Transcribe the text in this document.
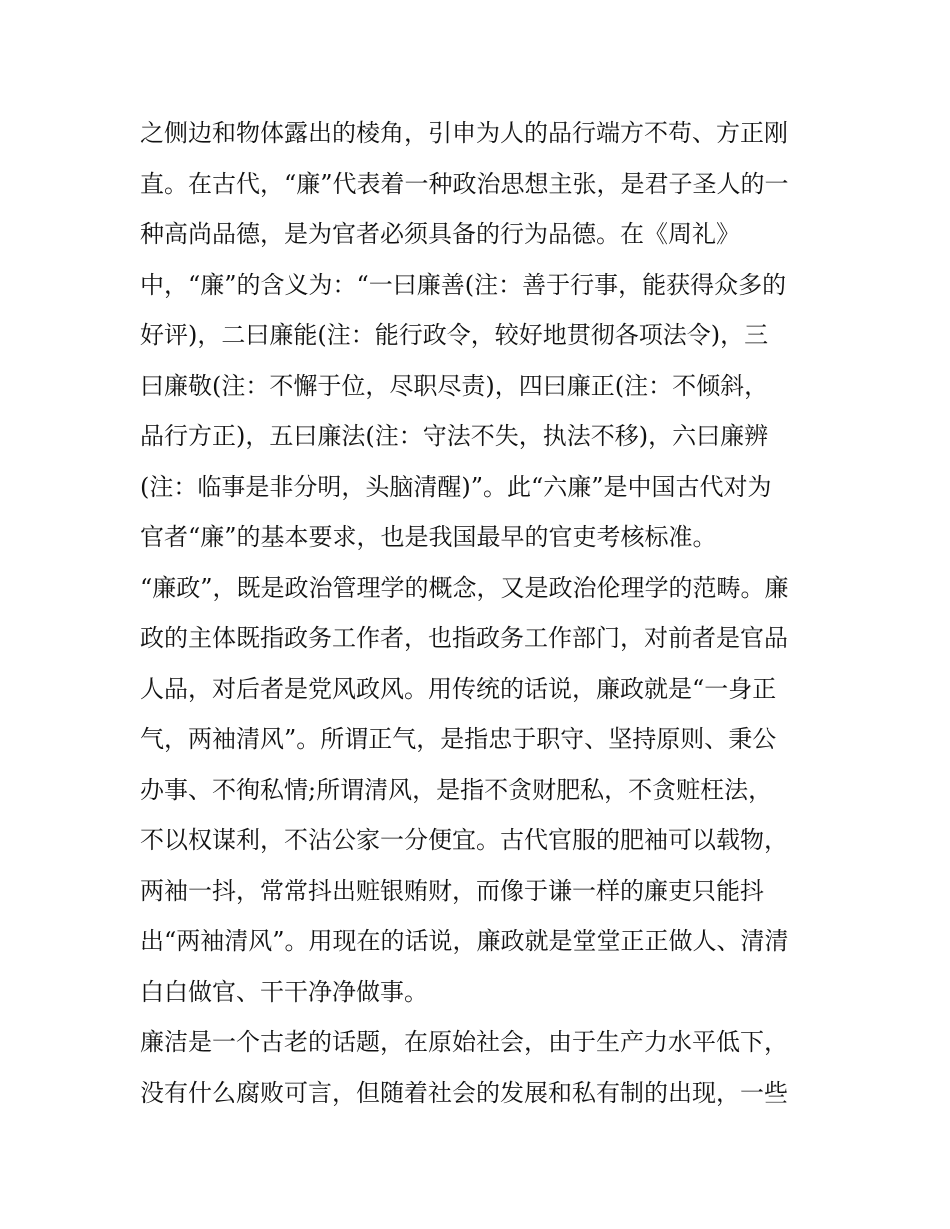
之侧边和物体露出的棱角，引申为人的品行端方不苟、方正刚
直。在古代，“廉”代表着一种政治思想主张，是君子圣人的一
种高尚品德，是为官者必须具备的行为品德。在《周礼》
中，“廉”的含义为：“一曰廉善(注：善于行事，能获得众多的
好评)，二曰廉能(注：能行政令，较好地贯彻各项法令)，三
曰廉敬(注：不懈于位，尽职尽责)，四曰廉正(注：不倾斜，
品行方正)，五曰廉法(注：守法不失，执法不移)，六曰廉辨
(注：临事是非分明，头脑清醒)”。此“六廉”是中国古代对为
官者“廉”的基本要求，也是我国最早的官吏考核标准。
“廉政”，既是政治管理学的概念，又是政治伦理学的范畴。廉
政的主体既指政务工作者，也指政务工作部门，对前者是官品
人品，对后者是党风政风。用传统的话说，廉政就是“一身正
气，两袖清风”。所谓正气，是指忠于职守、坚持原则、秉公
办事、不徇私情;所谓清风，是指不贪财肥私，不贪赃枉法，
不以权谋利，不沾公家一分便宜。古代官服的肥袖可以载物，
两袖一抖，常常抖出赃银贿财，而像于谦一样的廉吏只能抖
出“两袖清风”。用现在的话说，廉政就是堂堂正正做人、清清
白白做官、干干净净做事。
廉洁是一个古老的话题，在原始社会，由于生产力水平低下，
没有什么腐败可言，但随着社会的发展和私有制的出现，一些
